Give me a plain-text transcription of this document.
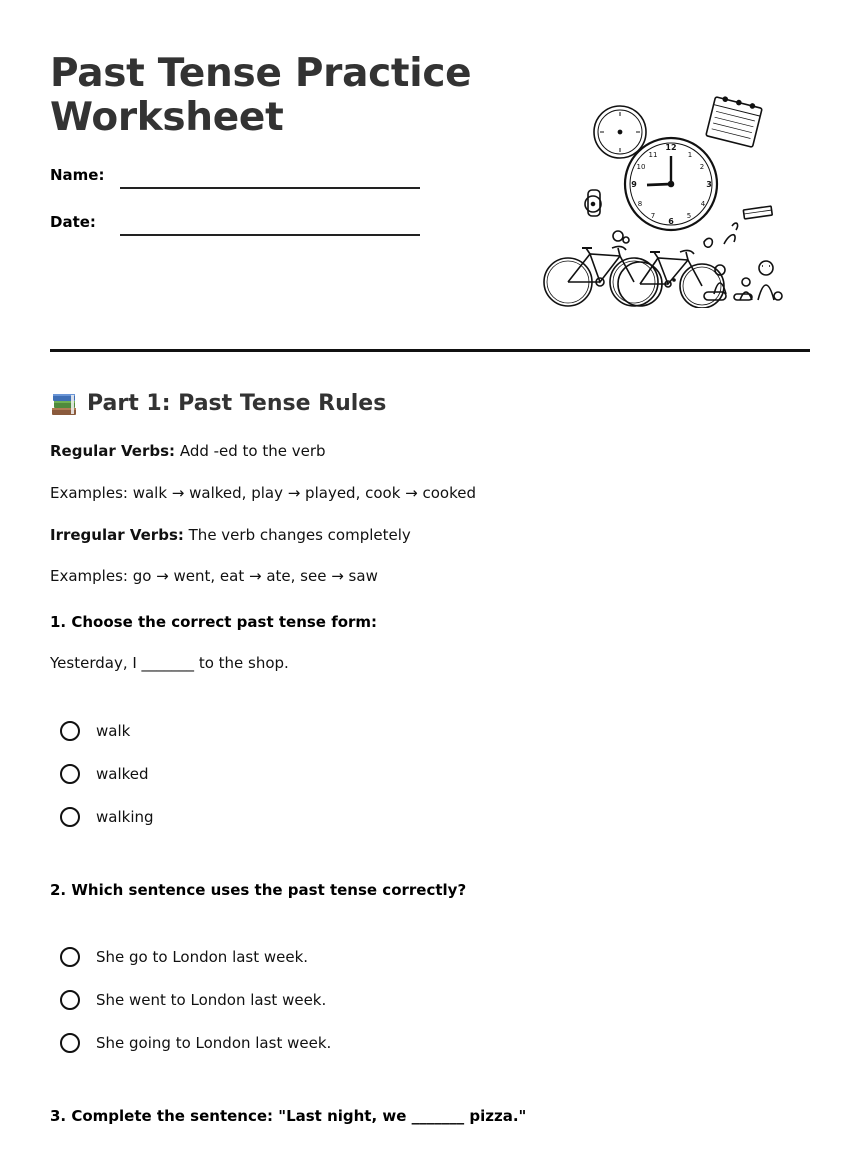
Past Tense Practice Worksheet
Name:
Date:
12
3
6
9
1
2
4
5
7
8
10
11
Part 1: Past Tense Rules

Regular Verbs: Add -ed to the verb

Examples: walk → walked, play → played, cook → cooked

Irregular Verbs: The verb changes completely

Examples: go → went, eat → ate, see → saw

1. Choose the correct past tense form:

Yesterday, I _______ to the shop.

walk
walked
walking

2. Which sentence uses the past tense correctly?

She go to London last week.
She went to London last week.
She going to London last week.

3. Complete the sentence: "Last night, we _______ pizza."
